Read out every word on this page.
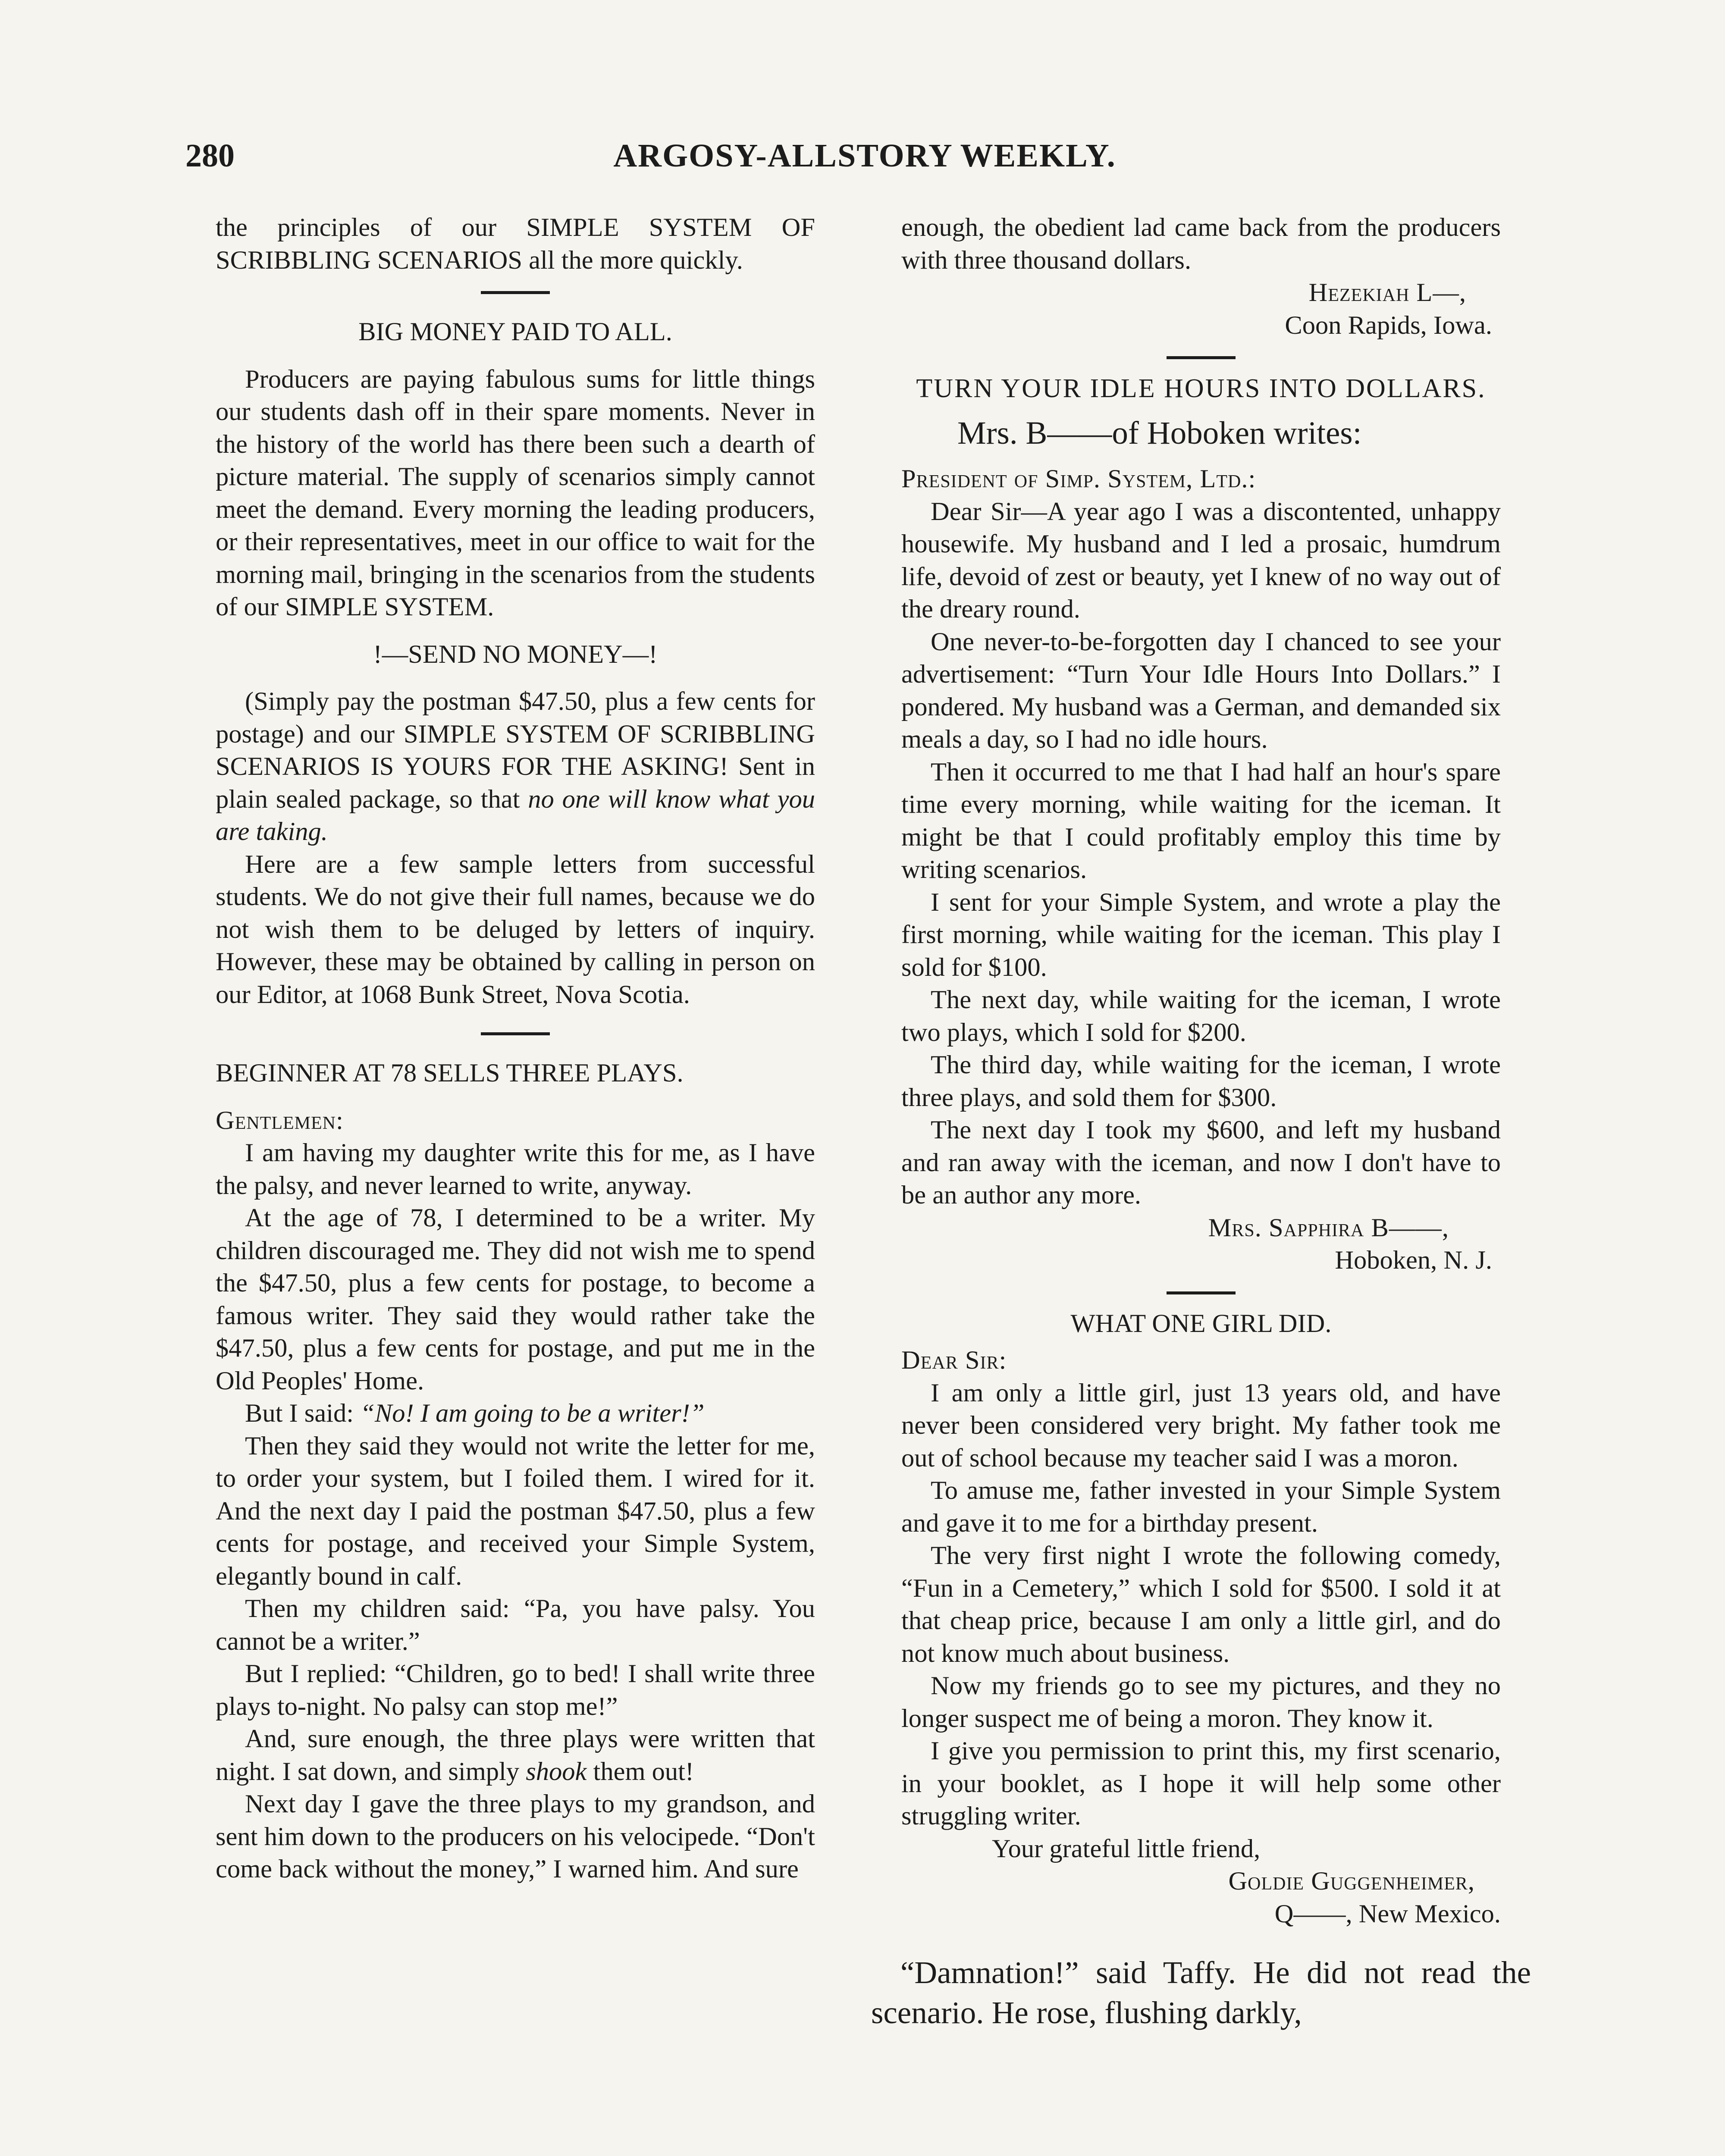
280	ARGOSY-ALLSTORY WEEKLY.

the principles of our SIMPLE SYSTEM OF SCRIBBLING SCENARIOS all the more quickly.

BIG MONEY PAID TO ALL.

Producers are paying fabulous sums for little things our students dash off in their spare moments. Never in the history of the world has there been such a dearth of picture material. The supply of scenarios simply cannot meet the demand. Every morning the leading producers, or their representatives, meet in our office to wait for the morning mail, bringing in the scenarios from the students of our SIMPLE SYSTEM.

!—SEND NO MONEY—!

(Simply pay the postman $47.50, plus a few cents for postage) and our SIMPLE SYSTEM OF SCRIBBLING SCENARIOS IS YOURS FOR THE ASKING! Sent in plain sealed package, so that no one will know what you are taking.

Here are a few sample letters from successful students. We do not give their full names, because we do not wish them to be deluged by letters of inquiry. However, these may be obtained by calling in person on our Editor, at 1068 Bunk Street, Nova Scotia.

BEGINNER AT 78 SELLS THREE PLAYS.

Gentlemen:

I am having my daughter write this for me, as I have the palsy, and never learned to write, anyway.

At the age of 78, I determined to be a writer. My children discouraged me. They did not wish me to spend the $47.50, plus a few cents for postage, to become a famous writer. They said they would rather take the $47.50, plus a few cents for postage, and put me in the Old Peoples' Home.

But I said: “No! I am going to be a writer!”

Then they said they would not write the letter for me, to order your system, but I foiled them. I wired for it. And the next day I paid the postman $47.50, plus a few cents for postage, and received your Simple System, elegantly bound in calf.

Then my children said: “Pa, you have palsy. You cannot be a writer.”

But I replied: “Children, go to bed! I shall write three plays to-night. No palsy can stop me!”

And, sure enough, the three plays were written that night. I sat down, and simply shook them out!

Next day I gave the three plays to my grandson, and sent him down to the producers on his velocipede. “Don't come back without the money,” I warned him. And sure

enough, the obedient lad came back from the producers with three thousand dollars.

Hezekiah L—,
Coon Rapids, Iowa.
TURN YOUR IDLE HOURS INTO DOLLARS.
Mrs. B——of Hoboken writes:

President of Simp. System, Ltd.:

Dear Sir—A year ago I was a discontented, unhappy housewife. My husband and I led a prosaic, humdrum life, devoid of zest or beauty, yet I knew of no way out of the dreary round.

One never-to-be-forgotten day I chanced to see your advertisement: “Turn Your Idle Hours Into Dollars.” I pondered. My husband was a German, and demanded six meals a day, so I had no idle hours.

Then it occurred to me that I had half an hour's spare time every morning, while waiting for the iceman. It might be that I could profitably employ this time by writing scenarios.

I sent for your Simple System, and wrote a play the first morning, while waiting for the iceman. This play I sold for $100.

The next day, while waiting for the iceman, I wrote two plays, which I sold for $200.

The third day, while waiting for the iceman, I wrote three plays, and sold them for $300.

The next day I took my $600, and left my husband and ran away with the iceman, and now I don't have to be an author any more.

Mrs. Sapphira B——,
Hoboken, N. J.
WHAT ONE GIRL DID.

Dear Sir:

I am only a little girl, just 13 years old, and have never been considered very bright. My father took me out of school because my teacher said I was a moron.

To amuse me, father invested in your Simple System and gave it to me for a birthday present.

The very first night I wrote the following comedy, “Fun in a Cemetery,” which I sold for $500. I sold it at that cheap price, because I am only a little girl, and do not know much about business.

Now my friends go to see my pictures, and they no longer suspect me of being a moron. They know it.

I give you permission to print this, my first scenario, in your booklet, as I hope it will help some other struggling writer.

Your grateful little friend,

Goldie Guggenheimer,
Q——, New Mexico.

“Damnation!” said Taffy. He did not read the scenario. He rose, flushing darkly,
